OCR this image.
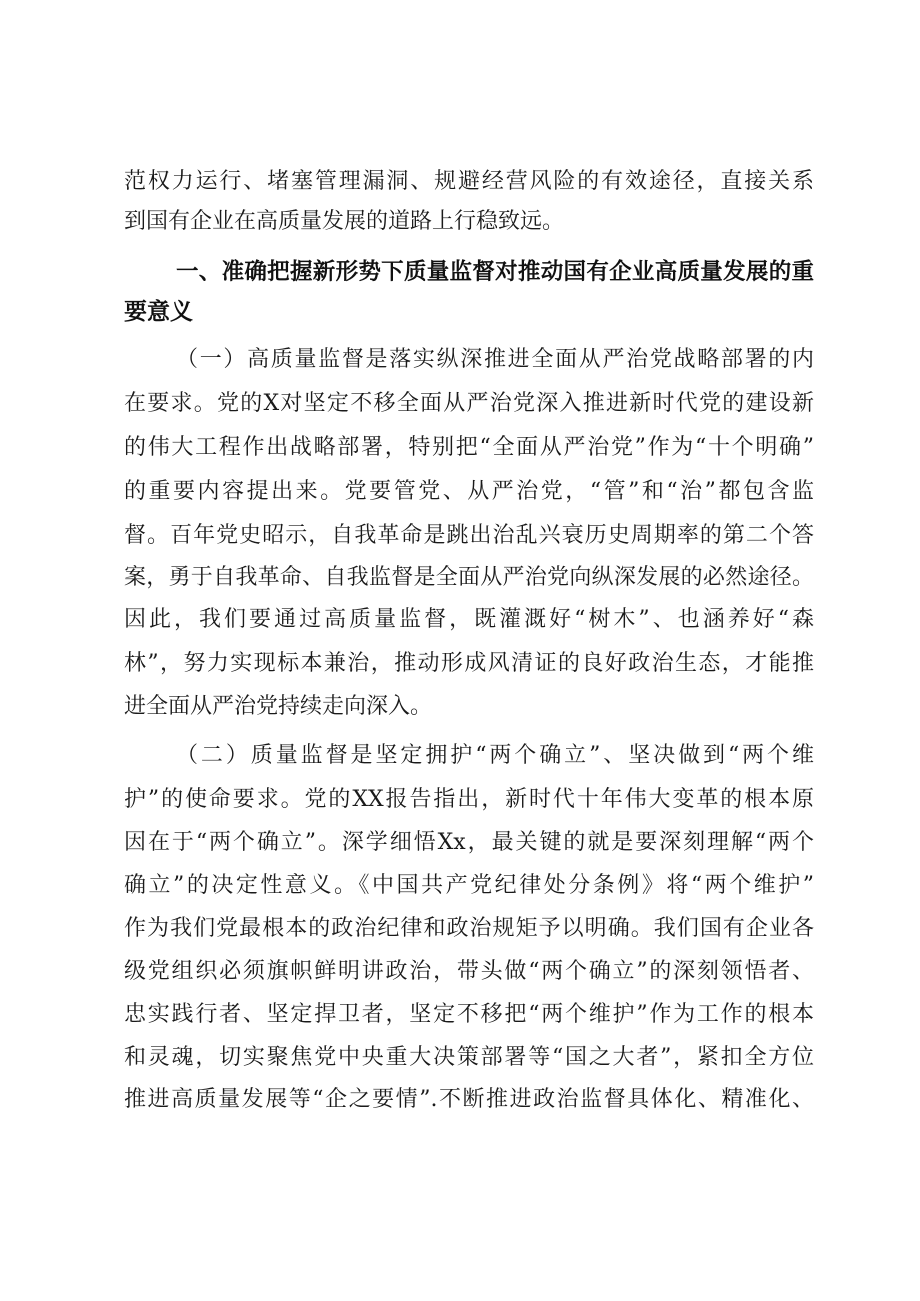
范权力运行、堵塞管理漏洞、规避经营风险的有效途径，直接关系
到国有企业在高质量发展的道路上行稳致远。
一、准确把握新形势下质量监督对推动国有企业高质量发展的重
要意义
（一）高质量监督是落实纵深推进全面从严治党战略部署的内
在要求。党的X对坚定不移全面从严治党深入推进新时代党的建设新
的伟大工程作出战略部署，特别把“全面从严治党”作为“十个明确”
的重要内容提出来。党要管党、从严治党，“管”和“治”都包含监
督。百年党史昭示，自我革命是跳出治乱兴衰历史周期率的第二个答
案，勇于自我革命、自我监督是全面从严治党向纵深发展的必然途径。
因此，我们要通过高质量监督，既灌溉好“树木”、也涵养好“森
林”，努力实现标本兼治，推动形成风清证的良好政治生态，才能推
进全面从严治党持续走向深入。
（二）质量监督是坚定拥护“两个确立”、坚决做到“两个维
护”的使命要求。党的XX报告指出，新时代十年伟大变革的根本原
因在于“两个确立”。深学细悟Xx，最关键的就是要深刻理解“两个
确立”的决定性意义。《中国共产党纪律处分条例》将“两个维护”
作为我们党最根本的政治纪律和政治规矩予以明确。我们国有企业各
级党组织必须旗帜鲜明讲政治，带头做“两个确立”的深刻领悟者、
忠实践行者、坚定捍卫者，坚定不移把“两个维护”作为工作的根本
和灵魂，切实聚焦党中央重大决策部署等“国之大者”，紧扣全方位
推进高质量发展等“企之要情”.不断推进政治监督具体化、精准化、
